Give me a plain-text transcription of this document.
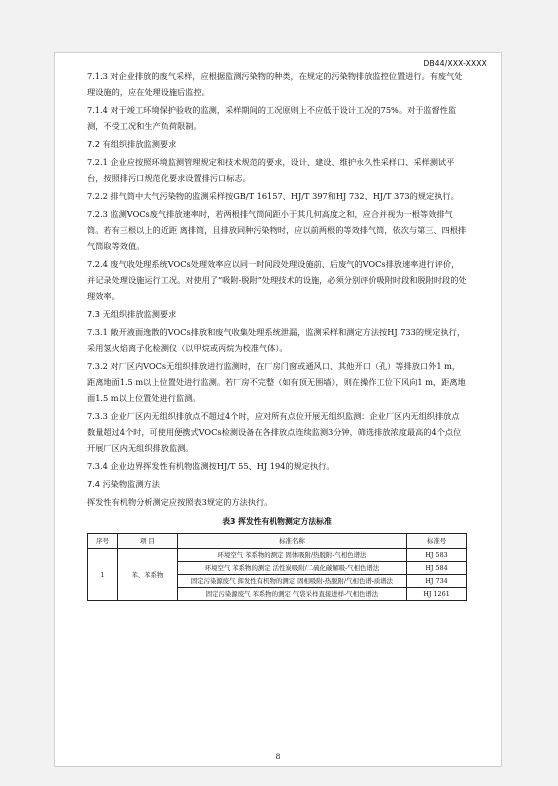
DB44/XXX-XXXX

7.1.3 对企业排放的废气采样，应根据监测污染物的种类，在规定的污染物排放监控位置进行。有废气处理设施的，应在处理设施后监控。

7.1.4 对于竣工环境保护验收的监测，采样期间的工况原则上不应低于设计工况的75%。对于监督性监测，不受工况和生产负荷限制。

7.2 有组织排放监测要求

7.2.1 企业应按照环境监测管理规定和技术规范的要求，设计、建设、维护永久性采样口、采样测试平台，按照排污口规范化要求设置排污口标志。

7.2.2 排气筒中大气污染物的监测采样按GB/T 16157、HJ/T 397和HJ 732、HJ/T 373的规定执行。

7.2.3 监测VOCs废气排放速率时，若两根排气筒间距小于其几何高度之和，应合并视为一根等效排气筒。若有三根以上的近距 离排筒，且排放同种污染物时，应以前两根的等效排气筒，依次与第三、四根排气筒取等效值。

7.2.4 废气收处理系统VOCs处理效率应以同一时间段处理设施前、后废气的VOCs排放速率进行评价，并记录处理设施运行工况。对使用了“吸附-脱附”处理技术的设施，必须分别评价吸附时段和脱附时段的处理效率。

7.3 无组织排放监测要求

7.3.1 敞开液面逸散的VOCs排放和废气收集处理系统泄漏，监测采样和测定方法按HJ 733的规定执行，采用氢火焰离子化检测仪（以甲烷或丙烷为校准气体）。

7.3.2 对厂区内VOCs无组织排放进行监测时，在厂房门窗或通风口、其他开口（孔）等排放口外1 m，距离地面1.5 m以上位置处进行监测。若厂房不完整（如有顶无围墙），则在操作工位下风向1 m，距离地面1.5 m以上位置处进行监测。

7.3.3 企业厂区内无组织排放点不超过4个时，应对所有点位开展无组织监测：企业厂区内无组织排放点数量超过4个时，可使用便携式VOCs检测设备在各排放点连续监测3分钟，筛选排放浓度最高的4个点位开展厂区内无组织排放监测。

7.3.4 企业边界挥发性有机物监测按HJ/T 55、HJ 194的规定执行。

7.4 污染物监测方法

挥发性有机物分析测定应按照表3规定的方法执行。

表3 挥发性有机物测定方法标准
序号	项 目	标准名称	标准号
1	苯、苯系物	环境空气 苯系物的测定 固体吸附/热脱附-气相色谱法	HJ 583
		环境空气 苯系物的测定 活性炭吸附/二硫化碳解吸-气相色谱法	HJ 584
		固定污染源废气 挥发性有机物的测定 固相吸附-热脱附/气相色谱-质谱法	HJ 734
		固定污染源废气 苯系物的测定 气袋采样直接进样-气相色谱法	HJ 1261
8
